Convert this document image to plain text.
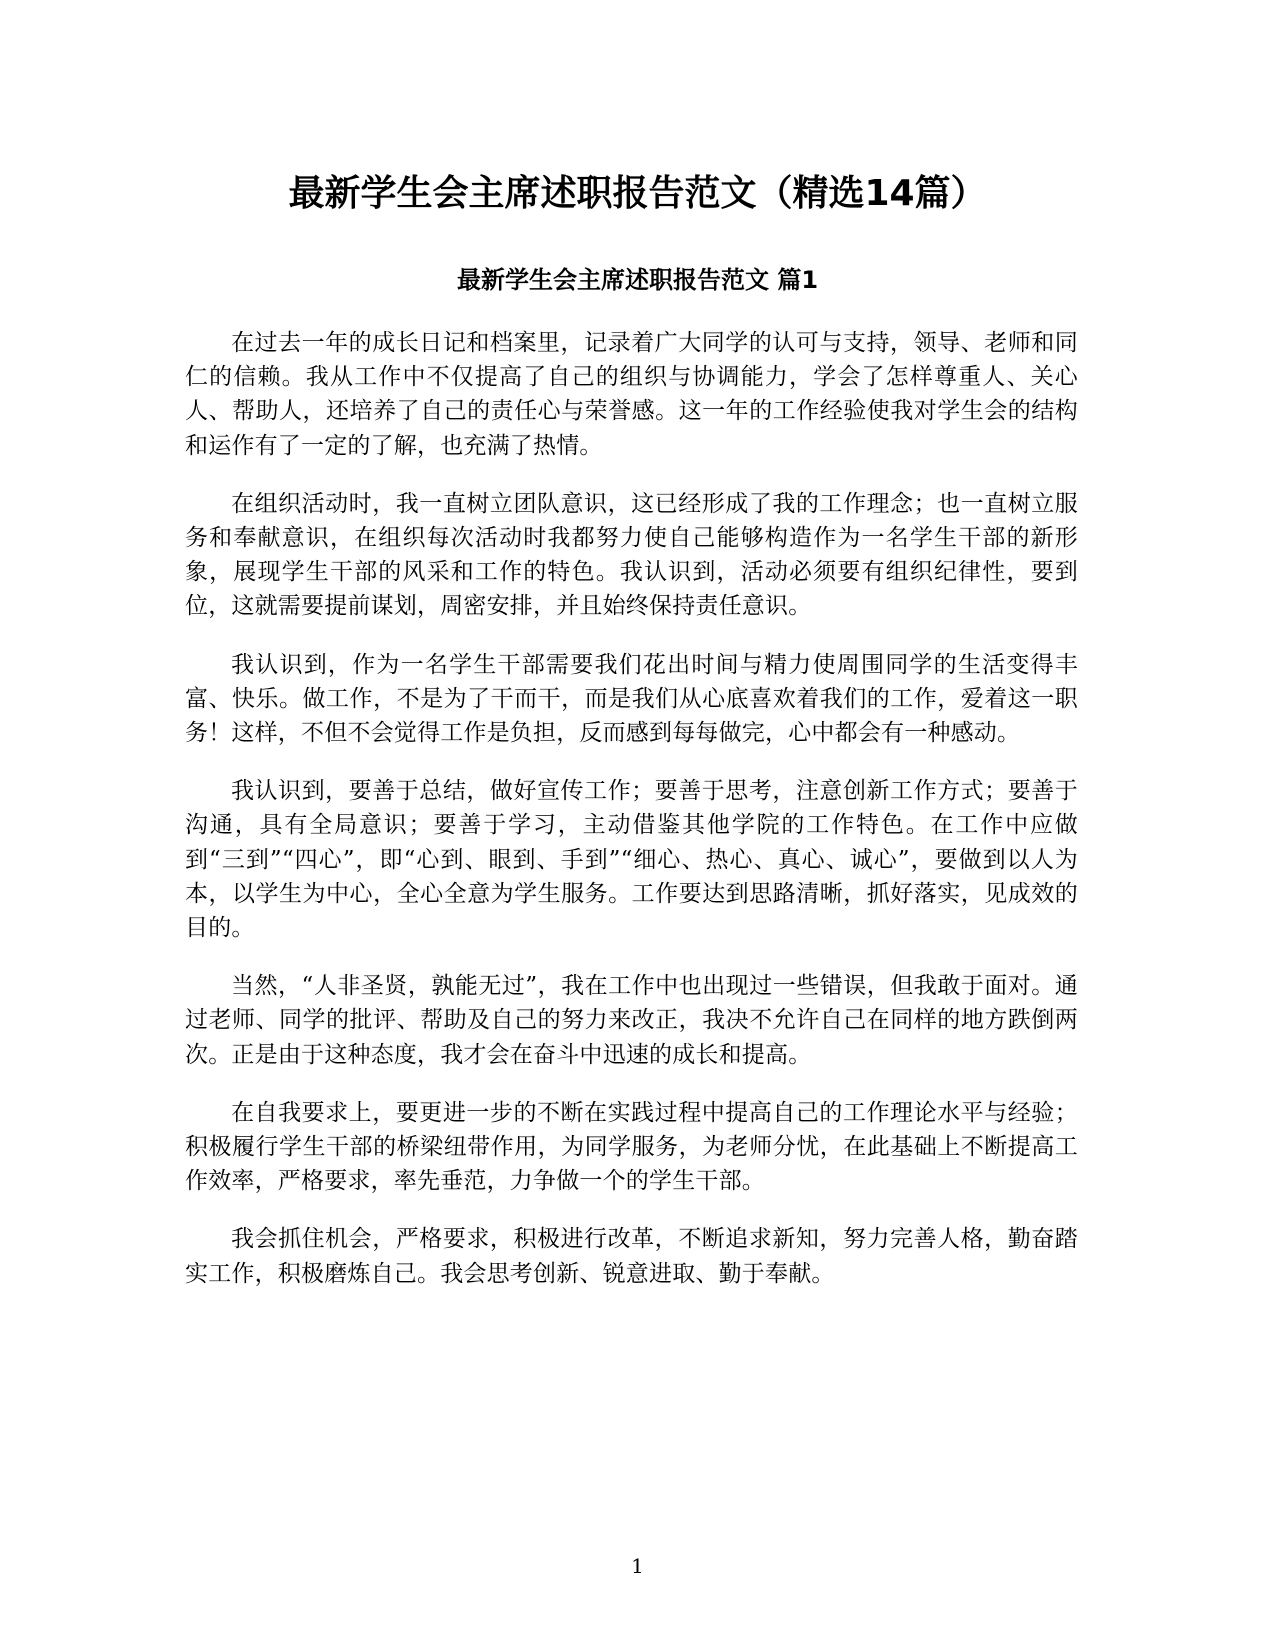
最新学生会主席述职报告范文（精选14篇）
最新学生会主席述职报告范文 篇1

在过去一年的成长日记和档案里，记录着广大同学的认可与支持，领导、老师和同仁的信赖。我从工作中不仅提高了自己的组织与协调能力，学会了怎样尊重人、关心人、帮助人，还培养了自己的责任心与荣誉感。这一年的工作经验使我对学生会的结构和运作有了一定的了解，也充满了热情。

在组织活动时，我一直树立团队意识，这已经形成了我的工作理念；也一直树立服务和奉献意识，在组织每次活动时我都努力使自己能够构造作为一名学生干部的新形象，展现学生干部的风采和工作的特色。我认识到，活动必须要有组织纪律性，要到位，这就需要提前谋划，周密安排，并且始终保持责任意识。

我认识到，作为一名学生干部需要我们花出时间与精力使周围同学的生活变得丰富、快乐。做工作，不是为了干而干，而是我们从心底喜欢着我们的工作，爱着这一职务！这样，不但不会觉得工作是负担，反而感到每每做完，心中都会有一种感动。

我认识到，要善于总结，做好宣传工作；要善于思考，注意创新工作方式；要善于沟通，具有全局意识；要善于学习，主动借鉴其他学院的工作特色。在工作中应做到“三到”“四心”，即“心到、眼到、手到”“细心、热心、真心、诚心”，要做到以人为本，以学生为中心，全心全意为学生服务。工作要达到思路清晰，抓好落实，见成效的目的。

当然，“人非圣贤，孰能无过”，我在工作中也出现过一些错误，但我敢于面对。通过老师、同学的批评、帮助及自己的努力来改正，我决不允许自己在同样的地方跌倒两次。正是由于这种态度，我才会在奋斗中迅速的成长和提高。

在自我要求上，要更进一步的不断在实践过程中提高自己的工作理论水平与经验；积极履行学生干部的桥梁纽带作用，为同学服务，为老师分忧，在此基础上不断提高工作效率，严格要求，率先垂范，力争做一个的学生干部。

我会抓住机会，严格要求，积极进行改革，不断追求新知，努力完善人格，勤奋踏实工作，积极磨炼自己。我会思考创新、锐意进取、勤于奉献。

1
